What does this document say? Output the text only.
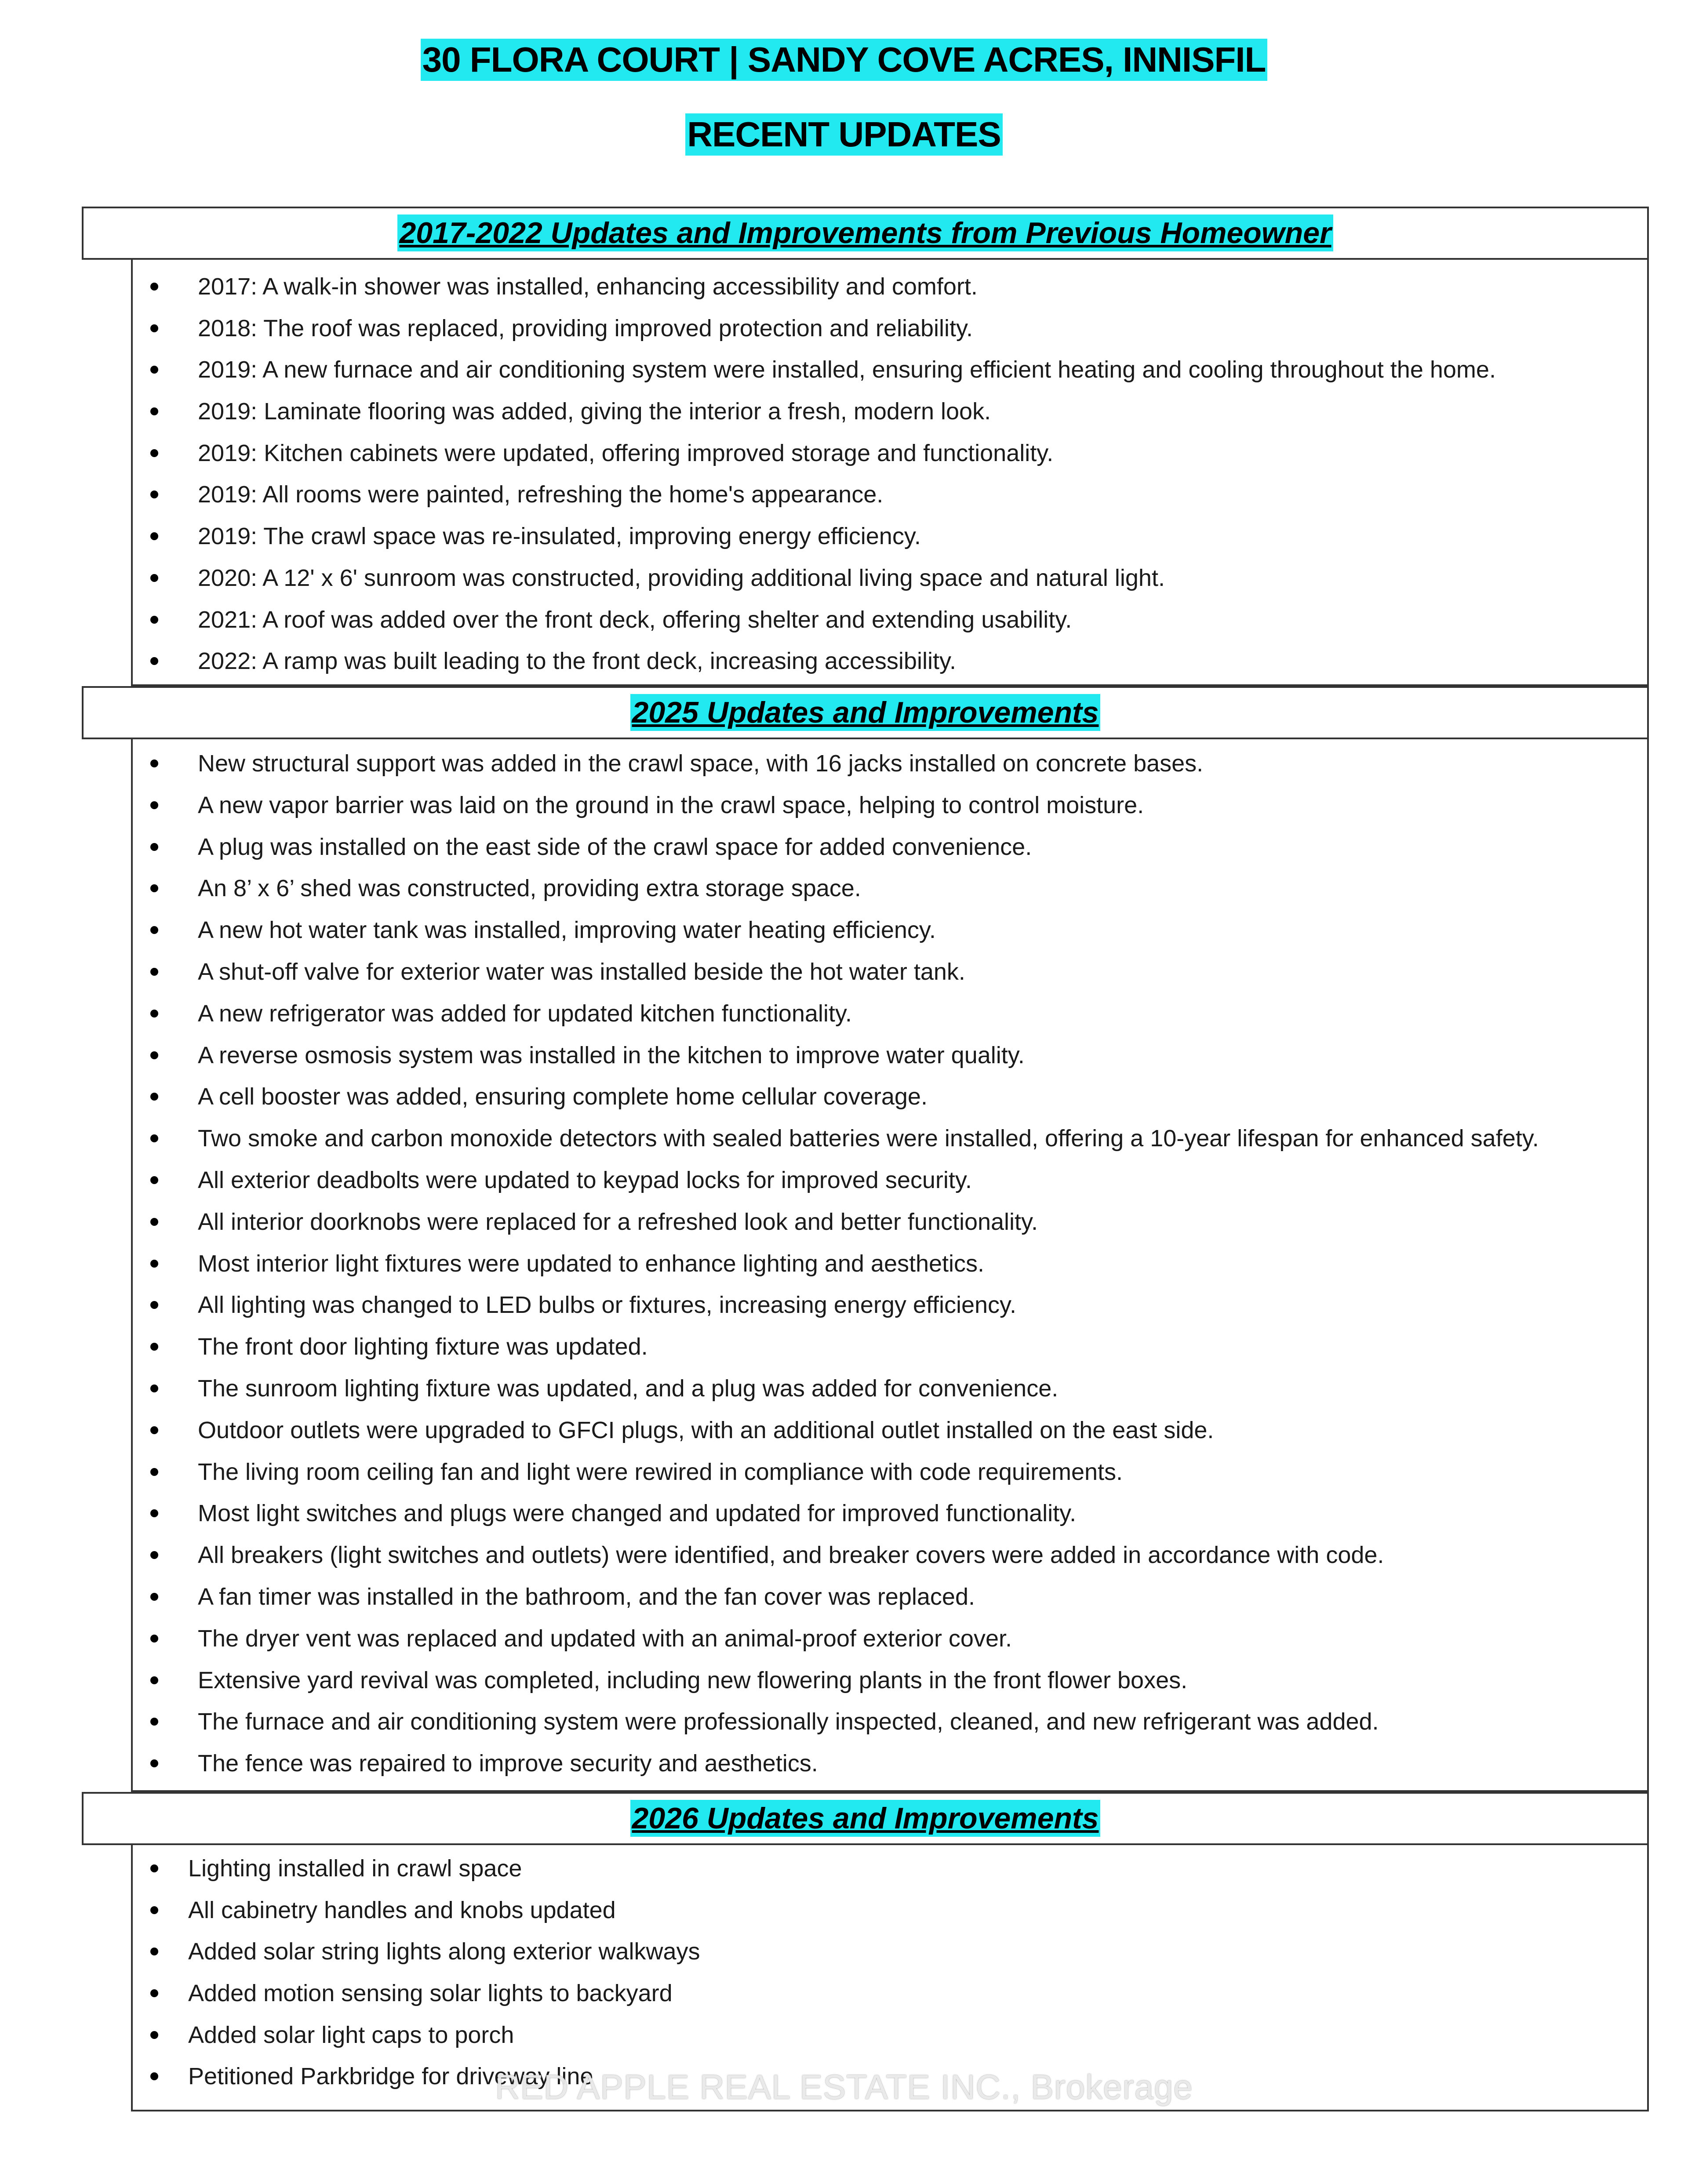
30 FLORA COURT | SANDY COVE ACRES, INNISFIL
RECENT UPDATES
2017-2022 Updates and Improvements from Previous Homeowner
2017: A walk-in shower was installed, enhancing accessibility and comfort.
2018: The roof was replaced, providing improved protection and reliability.
2019: A new furnace and air conditioning system were installed, ensuring efficient heating and cooling throughout the home.
2019: Laminate flooring was added, giving the interior a fresh, modern look.
2019: Kitchen cabinets were updated, offering improved storage and functionality.
2019: All rooms were painted, refreshing the home's appearance.
2019: The crawl space was re-insulated, improving energy efficiency.
2020: A 12' x 6' sunroom was constructed, providing additional living space and natural light.
2021: A roof was added over the front deck, offering shelter and extending usability.
2022: A ramp was built leading to the front deck, increasing accessibility.
2025 Updates and Improvements
New structural support was added in the crawl space, with 16 jacks installed on concrete bases.
A new vapor barrier was laid on the ground in the crawl space, helping to control moisture.
A plug was installed on the east side of the crawl space for added convenience.
An 8’ x 6’ shed was constructed, providing extra storage space.
A new hot water tank was installed, improving water heating efficiency.
A shut-off valve for exterior water was installed beside the hot water tank.
A new refrigerator was added for updated kitchen functionality.
A reverse osmosis system was installed in the kitchen to improve water quality.
A cell booster was added, ensuring complete home cellular coverage.
Two smoke and carbon monoxide detectors with sealed batteries were installed, offering a 10-year lifespan for enhanced safety.
All exterior deadbolts were updated to keypad locks for improved security.
All interior doorknobs were replaced for a refreshed look and better functionality.
Most interior light fixtures were updated to enhance lighting and aesthetics.
All lighting was changed to LED bulbs or fixtures, increasing energy efficiency.
The front door lighting fixture was updated.
The sunroom lighting fixture was updated, and a plug was added for convenience.
Outdoor outlets were upgraded to GFCI plugs, with an additional outlet installed on the east side.
The living room ceiling fan and light were rewired in compliance with code requirements.
Most light switches and plugs were changed and updated for improved functionality.
All breakers (light switches and outlets) were identified, and breaker covers were added in accordance with code.
A fan timer was installed in the bathroom, and the fan cover was replaced.
The dryer vent was replaced and updated with an animal-proof exterior cover.
Extensive yard revival was completed, including new flowering plants in the front flower boxes.
The furnace and air conditioning system were professionally inspected, cleaned, and new refrigerant was added.
The fence was repaired to improve security and aesthetics.
2026 Updates and Improvements
Lighting installed in crawl space
All cabinetry handles and knobs updated
Added solar string lights along exterior walkways
Added motion sensing solar lights to backyard
Added solar light caps to porch
Petitioned Parkbridge for driveway line
RED APPLE REAL ESTATE INC., Brokerage
